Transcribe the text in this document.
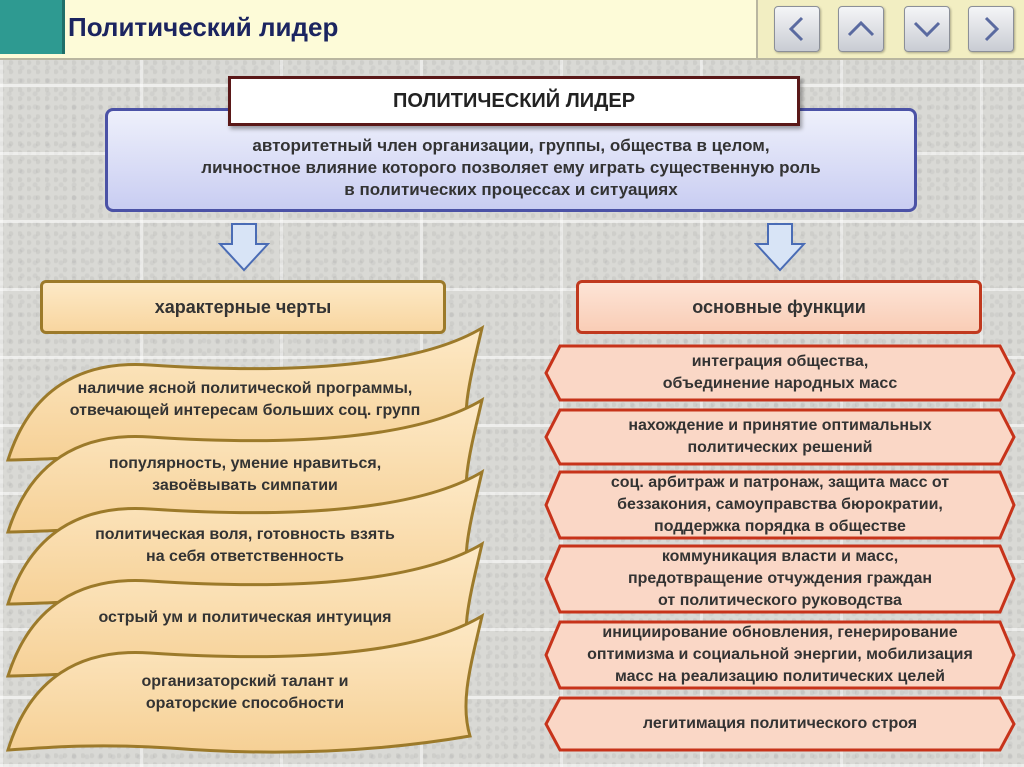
Политический лидер
ПОЛИТИЧЕСКИЙ ЛИДЕР
авторитетный член организации, группы, общества в целом,
личностное влияние которого позволяет ему играть существенную роль
в политических процессах и ситуациях
характерные черты	основные функции
наличие ясной политической программы,
отвечающей интересам больших соц. групп
популярность, умение нравиться,
завоёвывать симпатии
политическая воля, готовность взять
на себя ответственность
острый ум и политическая интуиция
организаторский талант и
ораторские способности
интеграция общества,
объединение народных масс
нахождение и принятие оптимальных
политических решений
соц. арбитраж и патронаж, защита масс от
беззакония, самоуправства бюрократии,
поддержка порядка в обществе
коммуникация власти и масс,
предотвращение отчуждения граждан
от политического руководства
инициирование обновления, генерирование
оптимизма и социальной энергии, мобилизация
масс на реализацию политических целей
легитимация политического строя
